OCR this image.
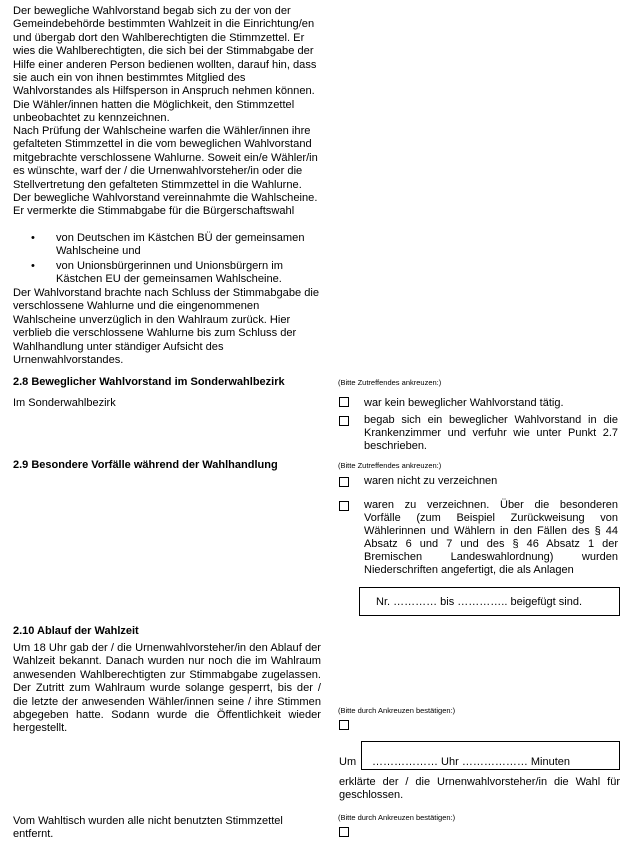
Der bewegliche Wahlvorstand begab sich zu der von der Gemeindebehörde bestimmten Wahlzeit in die Einrichtung/en und übergab dort den Wahlberechtigten die Stimmzettel. Er wies die Wahlberechtigten, die sich bei der Stimmabgabe der Hilfe einer anderen Person bedienen wollten, darauf hin, dass sie auch ein von ihnen bestimmtes Mitglied des Wahlvorstandes als Hilfsperson in Anspruch nehmen können. Die Wähler/innen hatten die Möglichkeit, den Stimmzettel unbeobachtet zu kennzeichnen.

Nach Prüfung der Wahlscheine warfen die Wähler/innen ihre gefalteten Stimmzettel in die vom beweglichen Wahlvorstand mitgebrachte verschlossene Wahlurne. Soweit ein/e Wähler/in es wünschte, warf der / die Urnenwahlvorsteher/in oder die Stellvertretung den gefalteten Stimmzettel in die Wahlurne. Der bewegliche Wahlvorstand vereinnahmte die Wahlscheine. Er vermerkte die Stimmabgabe für die Bürgerschaftswahl

• von Deutschen im Kästchen BÜ der gemeinsamen Wahlscheine und
• von Unionsbürgerinnen und Unionsbürgern im Kästchen EU der gemeinsamen Wahlscheine.

Der Wahlvorstand brachte nach Schluss der Stimmabgabe die verschlossene Wahlurne und die eingenommenen Wahlscheine unverzüglich in den Wahlraum zurück. Hier verblieb die verschlossene Wahlurne bis zum Schluss der Wahlhandlung unter ständiger Aufsicht des Urnenwahlvorstandes.

2.8 Beweglicher Wahlvorstand im Sonderwahlbezirk	(Bitte Zutreffendes ankreuzen:)
Im Sonderwahlbezirk	war kein beweglicher Wahlvorstand tätig.
begab sich ein beweglicher Wahlvorstand in die Krankenzimmer und verfuhr wie unter Punkt 2.7 beschrieben.
2.9 Besondere Vorfälle während der Wahlhandlung	(Bitte Zutreffendes ankreuzen:)
waren nicht zu verzeichnen
waren zu verzeichnen. Über die besonderen Vorfälle (zum Beispiel Zurückweisung von Wählerinnen und Wählern in den Fällen des § 44 Absatz 6 und 7 und des § 46 Absatz 1 der Bremischen Landeswahlordnung) wurden Niederschriften angefertigt, die als Anlagen
Nr. ………… bis ………….. beigefügt sind.
2.10 Ablauf der Wahlzeit

Um 18 Uhr gab der / die Urnenwahlvorsteher/in den Ablauf der Wahlzeit bekannt. Danach wurden nur noch die im Wahlraum anwesenden Wahlberechtigten zur Stimmabgabe zugelassen. Der Zutritt zum Wahlraum wurde solange gesperrt, bis der / die letzte der anwesenden Wähler/innen seine / ihre Stimmen abgegeben hatte. Sodann wurde die Öffentlichkeit wieder hergestellt.

(Bitte durch Ankreuzen bestätigen:)
Um ……………… Uhr ……………… Minuten
erklärte der / die Urnenwahlvorsteher/in die Wahl für geschlossen.
Vom Wahltisch wurden alle nicht benutzten Stimmzettel entfernt.
(Bitte durch Ankreuzen bestätigen:)
